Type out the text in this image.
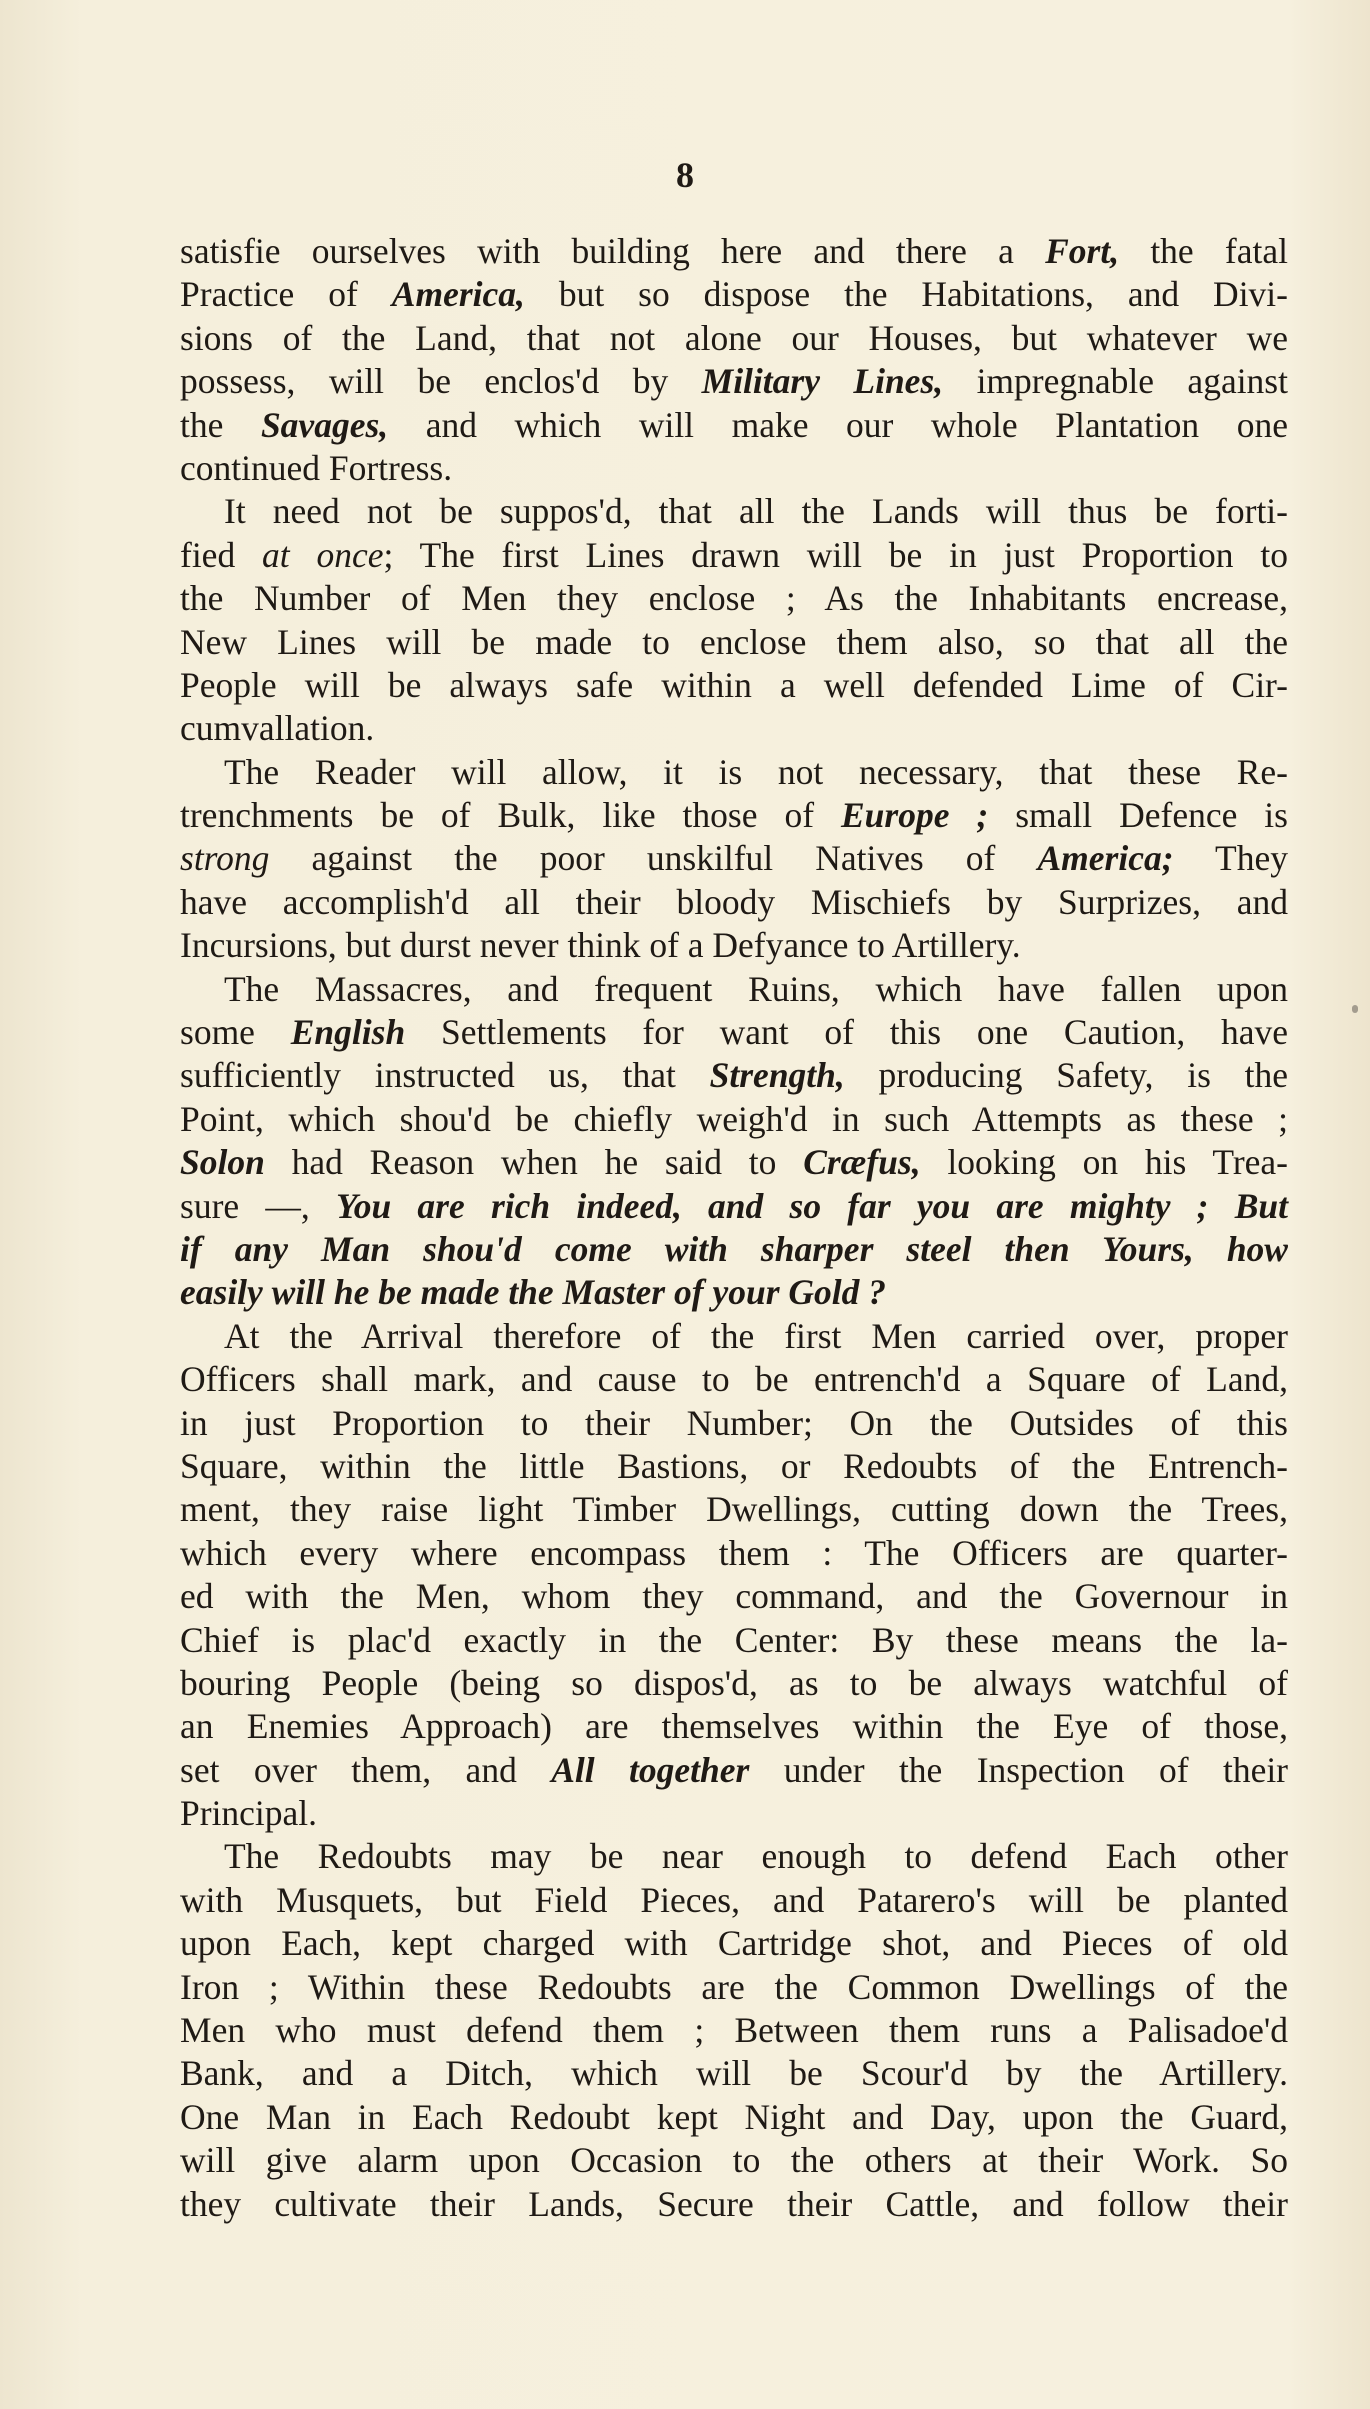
8
satisfie ourselves with building here and there a Fort, the fatal
Practice of America, but so dispose the Habitations, and Divi-
sions of the Land, that not alone our Houses, but whatever we
possess, will be enclos'd by Military Lines, impregnable against
the Savages, and which will make our whole Plantation one
continued Fortress.
It need not be suppos'd, that all the Lands will thus be forti-
fied at once; The first Lines drawn will be in just Proportion to
the Number of Men they enclose ; As the Inhabitants encrease,
New Lines will be made to enclose them also, so that all the
People will be always safe within a well defended Lime of Cir-
cumvallation.
The Reader will allow, it is not necessary, that these Re-
trenchments be of Bulk, like those of Europe ; small Defence is
strong against the poor unskilful Natives of America; They
have accomplish'd all their bloody Mischiefs by Surprizes, and
Incursions, but durst never think of a Defyance to Artillery.
The Massacres, and frequent Ruins, which have fallen upon
some English Settlements for want of this one Caution, have
sufficiently instructed us, that Strength, producing Safety, is the
Point, which shou'd be chiefly weigh'd in such Attempts as these ;
Solon had Reason when he said to Cræfus, looking on his Trea-
sure —, You are rich indeed, and so far you are mighty ; But
if any Man shou'd come with sharper steel then Yours, how
easily will he be made the Master of your Gold ?
At the Arrival therefore of the first Men carried over, proper
Officers shall mark, and cause to be entrench'd a Square of Land,
in just Proportion to their Number; On the Outsides of this
Square, within the little Bastions, or Redoubts of the Entrench-
ment, they raise light Timber Dwellings, cutting down the Trees,
which every where encompass them : The Officers are quarter-
ed with the Men, whom they command, and the Governour in
Chief is plac'd exactly in the Center: By these means the la-
bouring People (being so dispos'd, as to be always watchful of
an Enemies Approach) are themselves within the Eye of those,
set over them, and All together under the Inspection of their
Principal.
The Redoubts may be near enough to defend Each other
with Musquets, but Field Pieces, and Patarero's will be planted
upon Each, kept charged with Cartridge shot, and Pieces of old
Iron ; Within these Redoubts are the Common Dwellings of the
Men who must defend them ; Between them runs a Palisadoe'd
Bank, and a Ditch, which will be Scour'd by the Artillery.
One Man in Each Redoubt kept Night and Day, upon the Guard,
will give alarm upon Occasion to the others at their Work. So
they cultivate their Lands, Secure their Cattle, and follow their
